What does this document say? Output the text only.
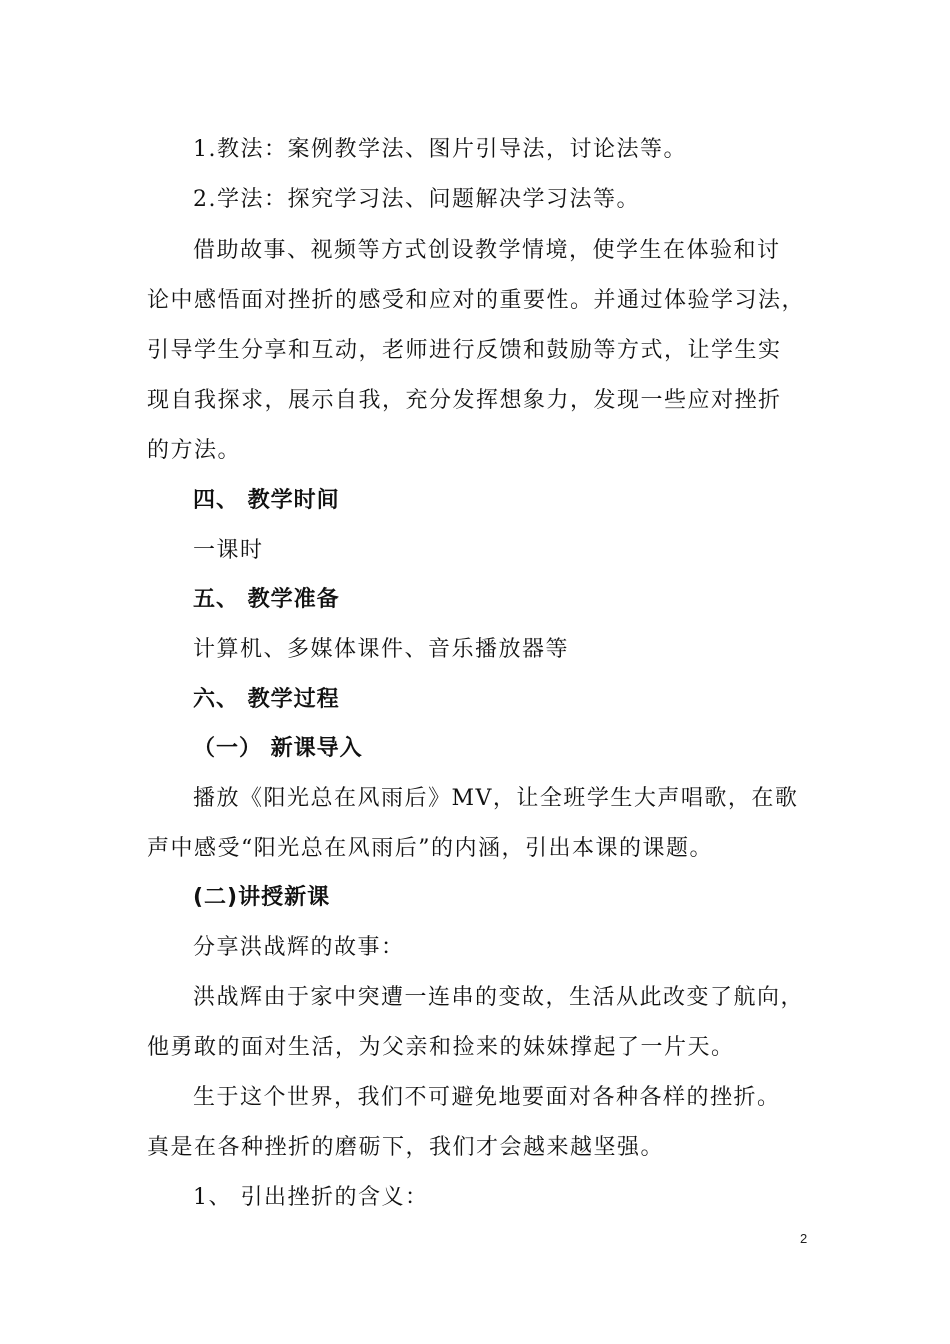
1.教法：案例教学法、图片引导法，讨论法等。
2.学法：探究学习法、问题解决学习法等。
借助故事、视频等方式创设教学情境，使学生在体验和讨
论中感悟面对挫折的感受和应对的重要性。并通过体验学习法，
引导学生分享和互动，老师进行反馈和鼓励等方式，让学生实
现自我探求，展示自我，充分发挥想象力，发现一些应对挫折
的方法。
四、 教学时间
一课时
五、 教学准备
计算机、多媒体课件、音乐播放器等
六、 教学过程
（一） 新课导入
播放《阳光总在风雨后》MV，让全班学生大声唱歌，在歌
声中感受“阳光总在风雨后”的内涵，引出本课的课题。
(二)讲授新课
分享洪战辉的故事：
洪战辉由于家中突遭一连串的变故，生活从此改变了航向，
他勇敢的面对生活，为父亲和捡来的妹妹撑起了一片天。
生于这个世界，我们不可避免地要面对各种各样的挫折。
真是在各种挫折的磨砺下，我们才会越来越坚强。
1、 引出挫折的含义：
2
